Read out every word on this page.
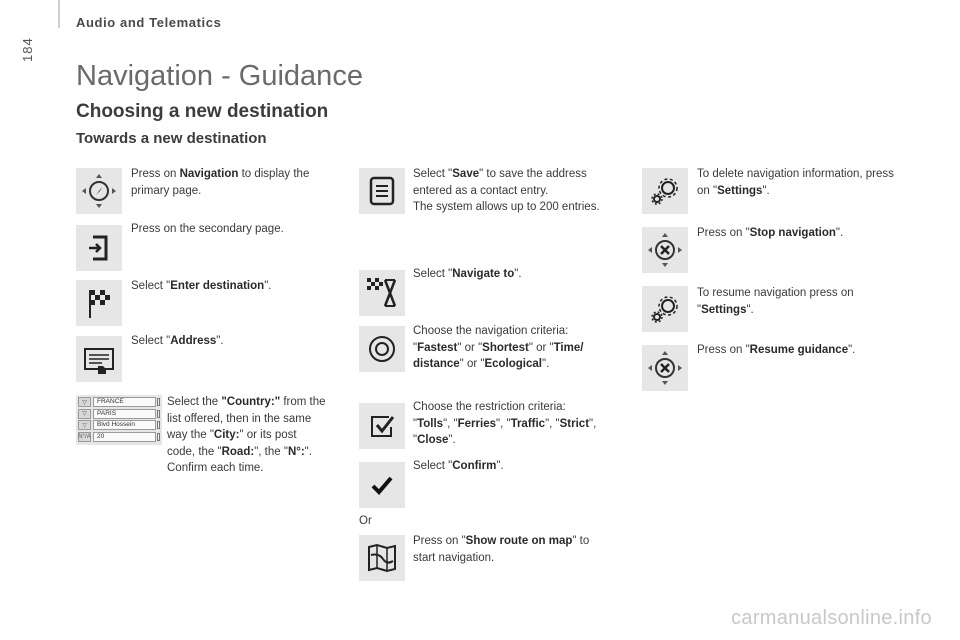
184
Audio and Telematics
Navigation - Guidance
Choosing a new destination
Towards a new destination
Press on Navigation to display the primary page.
Press on the secondary page.
Select "Enter destination".
Select "Address".
▽	FRANCE
▽	PARIS
▽	Blvd Hossein
N°/A 20
Select the "Country:" from the list offered, then in the same way the "City:" or its post code, the "Road:", the "N°:".
Confirm each time.
Select "Save" to save the address entered as a contact entry.
The system allows up to 200 entries.
Select "Navigate to".
Choose the navigation criteria:
"Fastest" or "Shortest" or "Time/ distance" or "Ecological".
Choose the restriction criteria:
"Tolls", "Ferries", "Traffic", "Strict", "Close".
Select "Confirm".
Or
Press on "Show route on map" to start navigation.
To delete navigation information, press on "Settings".
Press on "Stop navigation".
To resume navigation press on "Settings".
Press on "Resume guidance".
carmanualsonline.info
